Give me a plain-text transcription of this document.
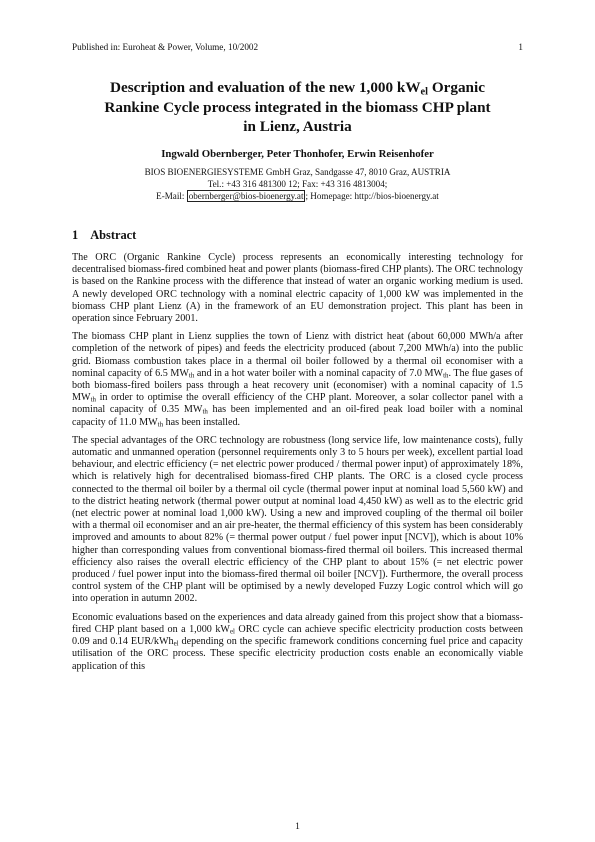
Published in: Euroheat & Power, Volume, 10/2002	1
Description and evaluation of the new 1,000 $kW_{el}$ Organic
Rankine Cycle process integrated in the biomass CHP plant
in Lienz, Austria
Ingwald Obernberger, Peter Thonhofer, Erwin Reisenhofer
BIOS BIOENERGIESYSTEME GmbH Graz, Sandgasse 47, 8010 Graz, AUSTRIA
Tel.: +43 316 481300 12; Fax: +43 316 4813004;
E-Mail: obernberger@bios-bioenergy.at ; Homepage: http://bios-bioenergy.at
1 Abstract

The ORC (Organic Rankine Cycle) process represents an economically interesting technology for decentralised biomass-fired combined heat and power plants (biomass-fired CHP plants). The ORC technology is based on the Rankine process with the difference that instead of water an organic working medium is used. A newly developed ORC technology with a nominal electric capacity of 1,000 kW was implemented in the biomass CHP plant Lienz (A) in the framework of an EU demonstration project. This plant has been in operation since February 2001.

The biomass CHP plant in Lienz supplies the town of Lienz with district heat (about 60,000 MWh/a after completion of the network of pipes) and feeds the electricity produced (about 7,200 MWh/a) into the public grid. Biomass combustion takes place in a thermal oil boiler followed by a thermal oil economiser with a nominal capacity of 6.5 $MW_{th}$ and in a hot water boiler with a nominal capacity of 7.0 $MW_{th}$. The flue gases of both biomass-fired boilers pass through a heat recovery unit (economiser) with a nominal capacity of 1.5 $MW_{th}$ in order to optimise the overall efficiency of the CHP plant. Moreover, a solar collector panel with a nominal capacity of 0.35 $MW_{th}$ has been implemented and an oil-fired peak load boiler with a nominal capacity of 11.0 $MW_{th}$ has been installed.

The special advantages of the ORC technology are robustness (long service life, low maintenance costs), fully automatic and unmanned operation (personnel requirements only 3 to 5 hours per week), excellent partial load behaviour, and electric efficiency (= net electric power produced / thermal power input) of approximately 18%, which is relatively high for decentralised biomass-fired CHP plants. The ORC is a closed cycle process connected to the thermal oil boiler by a thermal oil cycle (thermal power input at nominal load 5,560 kW) and to the district heating network (thermal power output at nominal load 4,450 kW) as well as to the electric grid (net electric power at nominal load 1,000 kW). Using a new and improved coupling of the thermal oil boiler with a thermal oil economiser and an air pre-heater, the thermal efficiency of this system has been considerably improved and amounts to about 82% (= thermal power output / fuel power input [NCV]), which is about 10% higher than corresponding values from conventional biomass-fired thermal oil boilers. This increased thermal efficiency also raises the overall electric efficiency of the CHP plant to about 15% (= net electric power produced / fuel power input into the biomass-fired thermal oil boiler [NCV]). Furthermore, the overall process control system of the CHP plant will be optimised by a newly developed Fuzzy Logic control which will go into operation in autumn 2002.

Economic evaluations based on the experiences and data already gained from this project show that a biomass-fired CHP plant based on a 1,000 $kW_{el}$ ORC cycle can achieve specific electricity production costs between 0.09 and 0.14 EUR/kWh$_{el}$ depending on the specific framework conditions concerning fuel price and capacity utilisation of the ORC process. These specific electricity production costs enable an economically viable application of this

1
